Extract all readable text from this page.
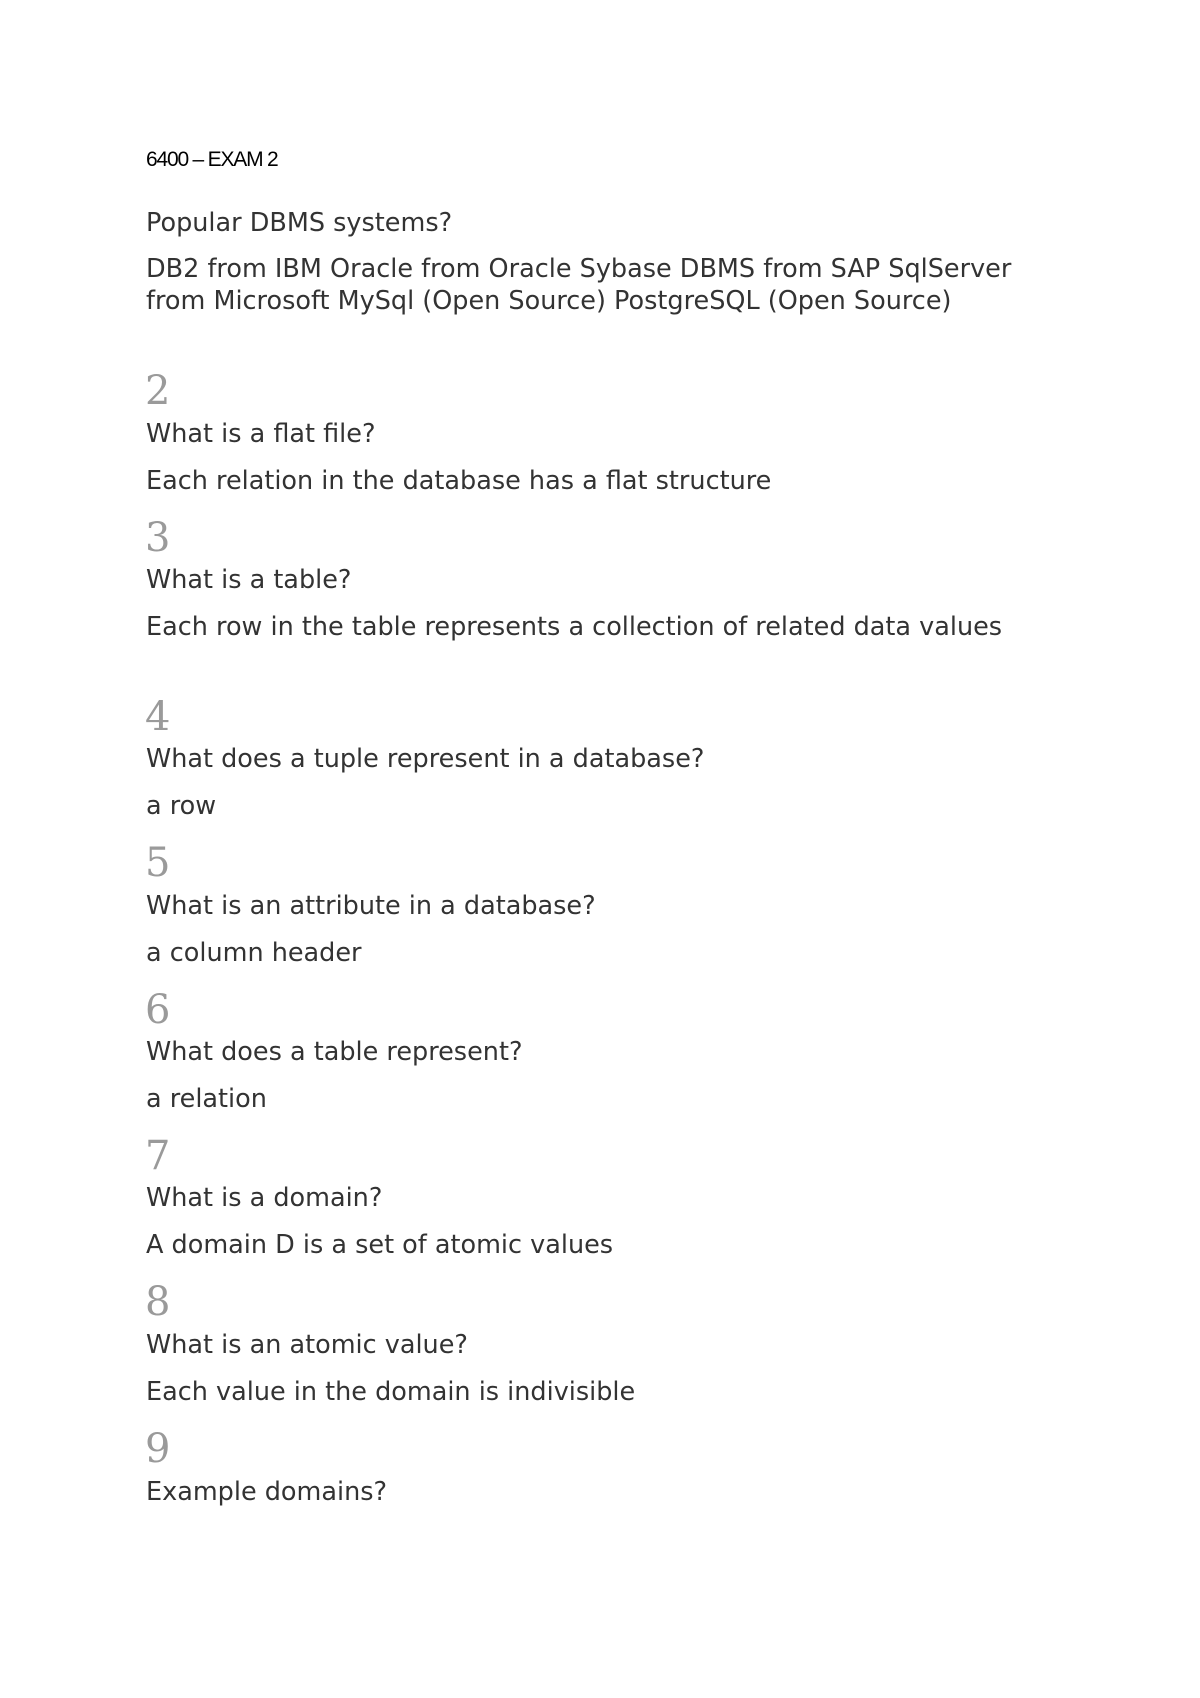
6400 – EXAM 2

Popular DBMS systems?

DB2 from IBM Oracle from Oracle Sybase DBMS from SAP SqlServer from Microsoft MySql (Open Source) PostgreSQL (Open Source)

2

What is a flat file?

Each relation in the database has a flat structure

3

What is a table?

Each row in the table represents a collection of related data values

4

What does a tuple represent in a database?

a row

5

What is an attribute in a database?

a column header

6

What does a table represent?

a relation

7

What is a domain?

A domain D is a set of atomic values

8

What is an atomic value?

Each value in the domain is indivisible

9

Example domains?
